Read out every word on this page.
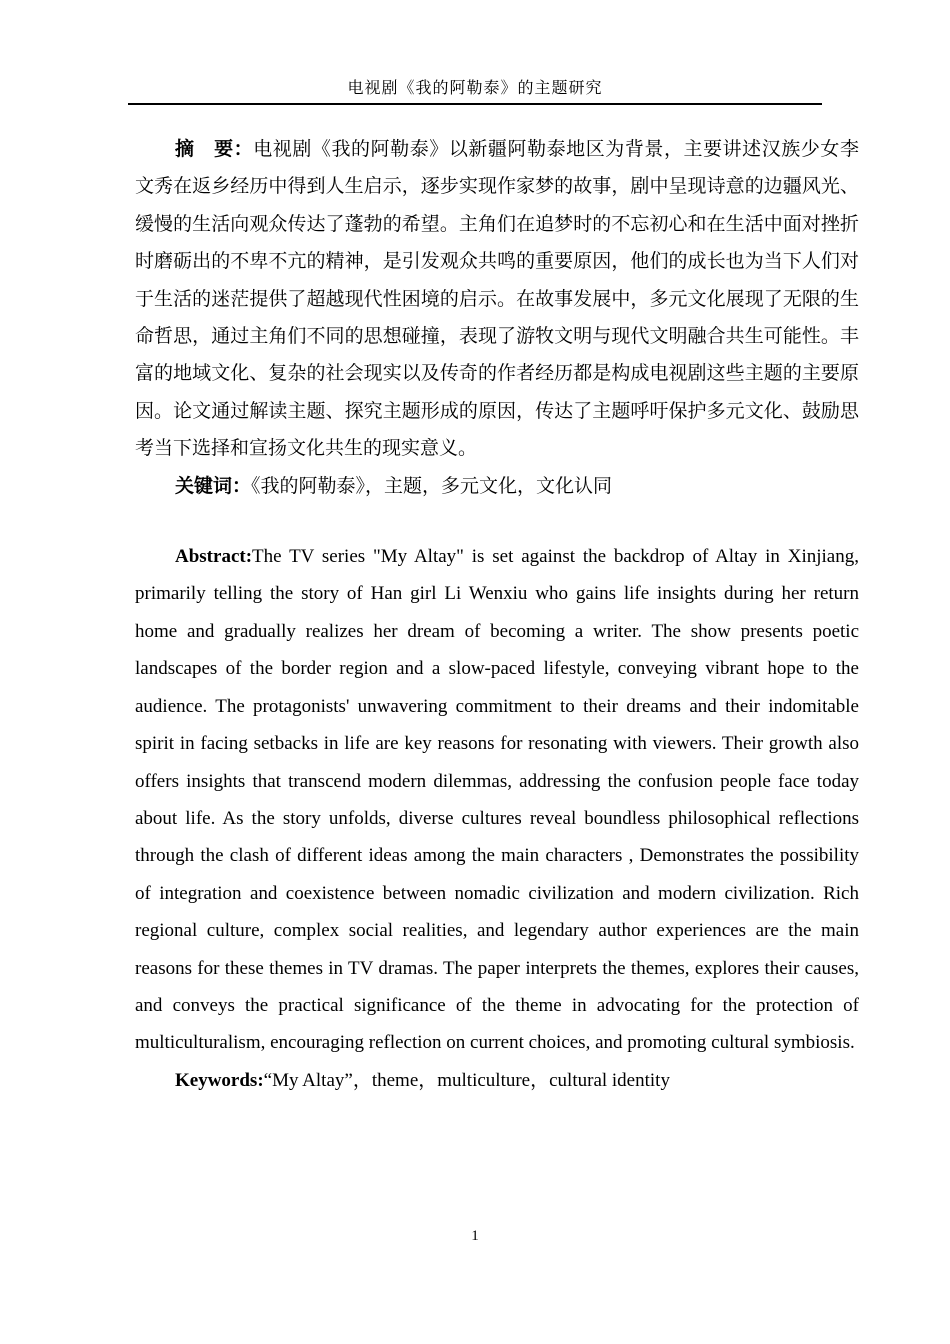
电视剧《我的阿勒泰》的主题研究

摘　要：电视剧《我的阿勒泰》以新疆阿勒泰地区为背景，主要讲述汉族少女李文秀在返乡经历中得到人生启示，逐步实现作家梦的故事，剧中呈现诗意的边疆风光、缓慢的生活向观众传达了蓬勃的希望。主角们在追梦时的不忘初心和在生活中面对挫折时磨砺出的不卑不亢的精神，是引发观众共鸣的重要原因，他们的成长也为当下人们对于生活的迷茫提供了超越现代性困境的启示。在故事发展中，多元文化展现了无限的生命哲思，通过主角们不同的思想碰撞，表现了游牧文明与现代文明融合共生可能性。丰富的地域文化、复杂的社会现实以及传奇的作者经历都是构成电视剧这些主题的主要原因。论文通过解读主题、探究主题形成的原因，传达了主题呼吁保护多元文化、鼓励思考当下选择和宣扬文化共生的现实意义。

关键词：《我的阿勒泰》，主题，多元文化，文化认同

Abstract:The TV series "My Altay" is set against the backdrop of Altay in Xinjiang, primarily telling the story of Han girl Li Wenxiu who gains life insights during her return home and gradually realizes her dream of becoming a writer. The show presents poetic landscapes of the border region and a slow-paced lifestyle, conveying vibrant hope to the audience. The protagonists' unwavering commitment to their dreams and their indomitable spirit in facing setbacks in life are key reasons for resonating with viewers. Their growth also offers insights that transcend modern dilemmas, addressing the confusion people face today about life. As the story unfolds, diverse cultures reveal boundless philosophical reflections through the clash of different ideas among the main characters , Demonstrates the possibility of integration and coexistence between nomadic civilization and modern civilization. Rich regional culture, complex social realities, and legendary author experiences are the main reasons for these themes in TV dramas. The paper interprets the themes, explores their causes, and conveys the practical significance of the theme in advocating for the protection of multiculturalism, encouraging reflection on current choices, and promoting cultural symbiosis.

Keywords:“My Altay”，theme，multiculture，cultural identity

1
